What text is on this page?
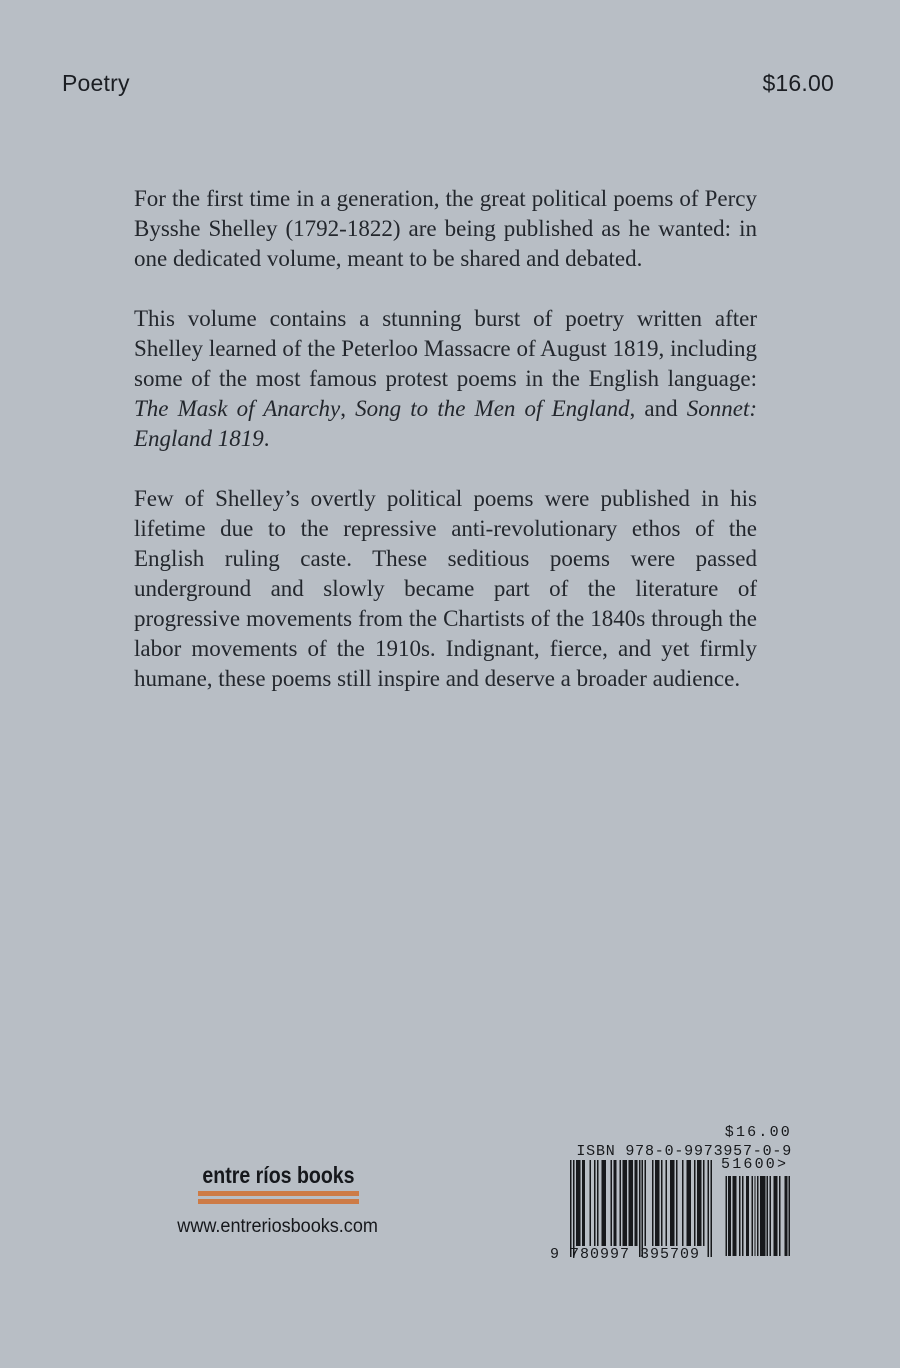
Poetry	$16.00

For the first time in a generation, the great political poems of Percy Bysshe Shelley (1792-1822) are being published as he wanted: in one dedicated volume, meant to be shared and debated.

This volume contains a stunning burst of poetry written after Shelley learned of the Peterloo Massacre of August 1819, including some of the most famous protest poems in the English language: The Mask of Anarchy, Song to the Men of England, and Sonnet: England 1819.

Few of Shelley’s overtly political poems were published in his lifetime due to the repressive anti-revolutionary ethos of the English ruling caste. These seditious poems were passed underground and slowly became part of the literature of progressive movements from the Chartists of the 1840s through the labor movements of the 1910s. Indignant, fierce, and yet firmly humane, these poems still inspire and deserve a broader audience.

entre ríos books
www.entreriosbooks.com
$16.00
ISBN 978-0-9973957-0-9
9 780997 395709
51600>
